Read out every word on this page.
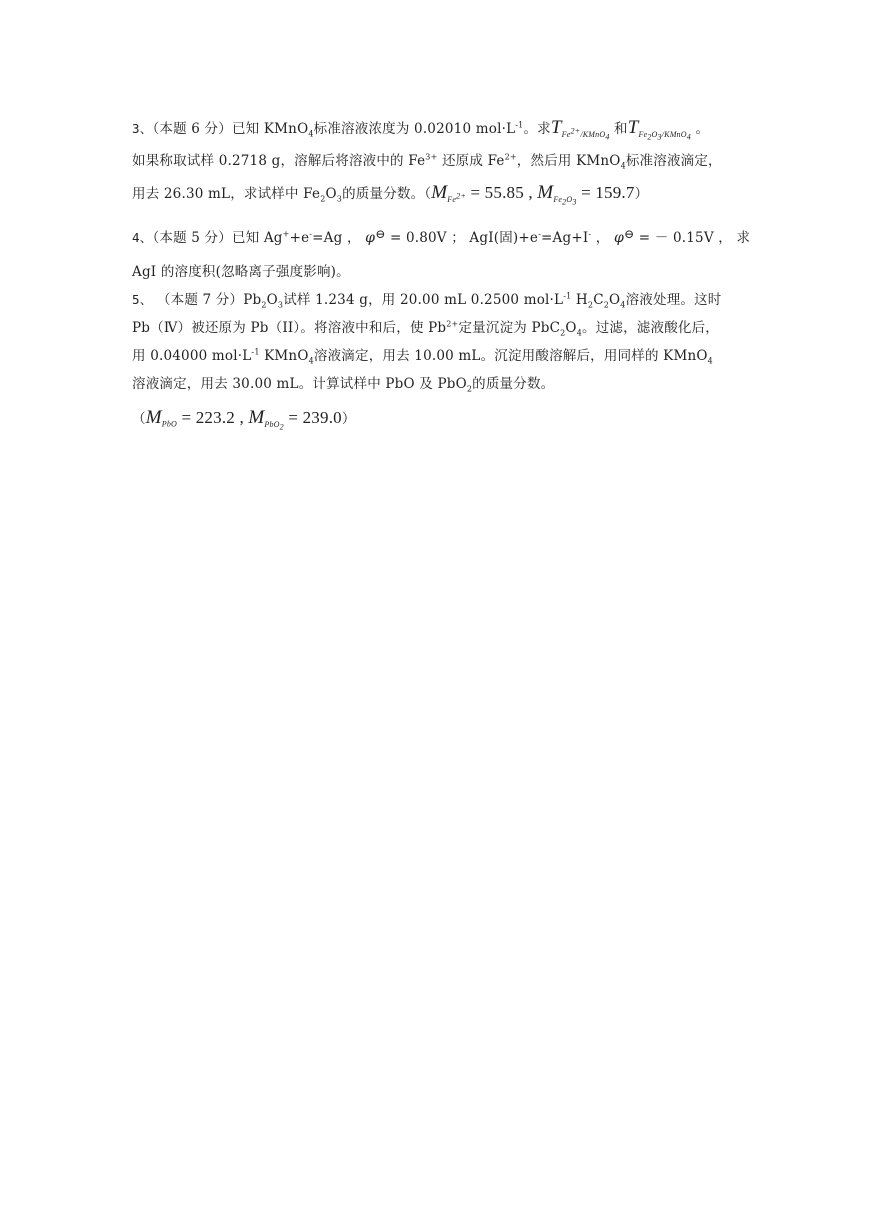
3、（本题 6 分）已知 KMnO$_4$标准溶液浓度为 0.02010 $mol\cdot L^{-1}$。求$T_{Fe^{2+}/KMnO_4}$ 和$T_{Fe_2O_3/KMnO_4}$ 。
如果称取试样 0.2718 g，溶解后将溶液中的 $Fe^{3+}$ 还原成 $Fe^{2+}$，然后用 KMnO$_4$标准溶液滴定，
用去 26.30 mL，求试样中 $Fe_2O_3$的质量分数。（$M_{Fe^{2+}} = 55.85$ , $M_{Fe_2O_3} = 159.7$）
4、（本题 5 分）已知 Ag++e-=Ag ， φ⊖ = 0.80V ； AgI(固)+e-=Ag+I- ， φ⊖ = － 0.15V ， 求
AgI 的溶度积(忽略离子强度影响)。
5、 （本题 7 分）$Pb_2O_3$试样 1.234 g，用 20.00 mL 0.2500 $mol\cdot L^{-1}$ $H_2C_2O_4$溶液处理。这时
Pb（Ⅳ）被还原为 Pb（II）。将溶液中和后，使 $Pb^{2+}$定量沉淀为 $PbC_2O_4$。过滤，滤液酸化后，
用 0.04000 $mol\cdot L^{-1}$ KMnO$_4$溶液滴定，用去 10.00 mL。沉淀用酸溶解后，用同样的 KMnO$_4$
溶液滴定，用去 30.00 mL。计算试样中 PbO 及 PbO$_2$的质量分数。
（$M_{PbO} = 223.2$ , $M_{PbO_2} = 239.0$）
